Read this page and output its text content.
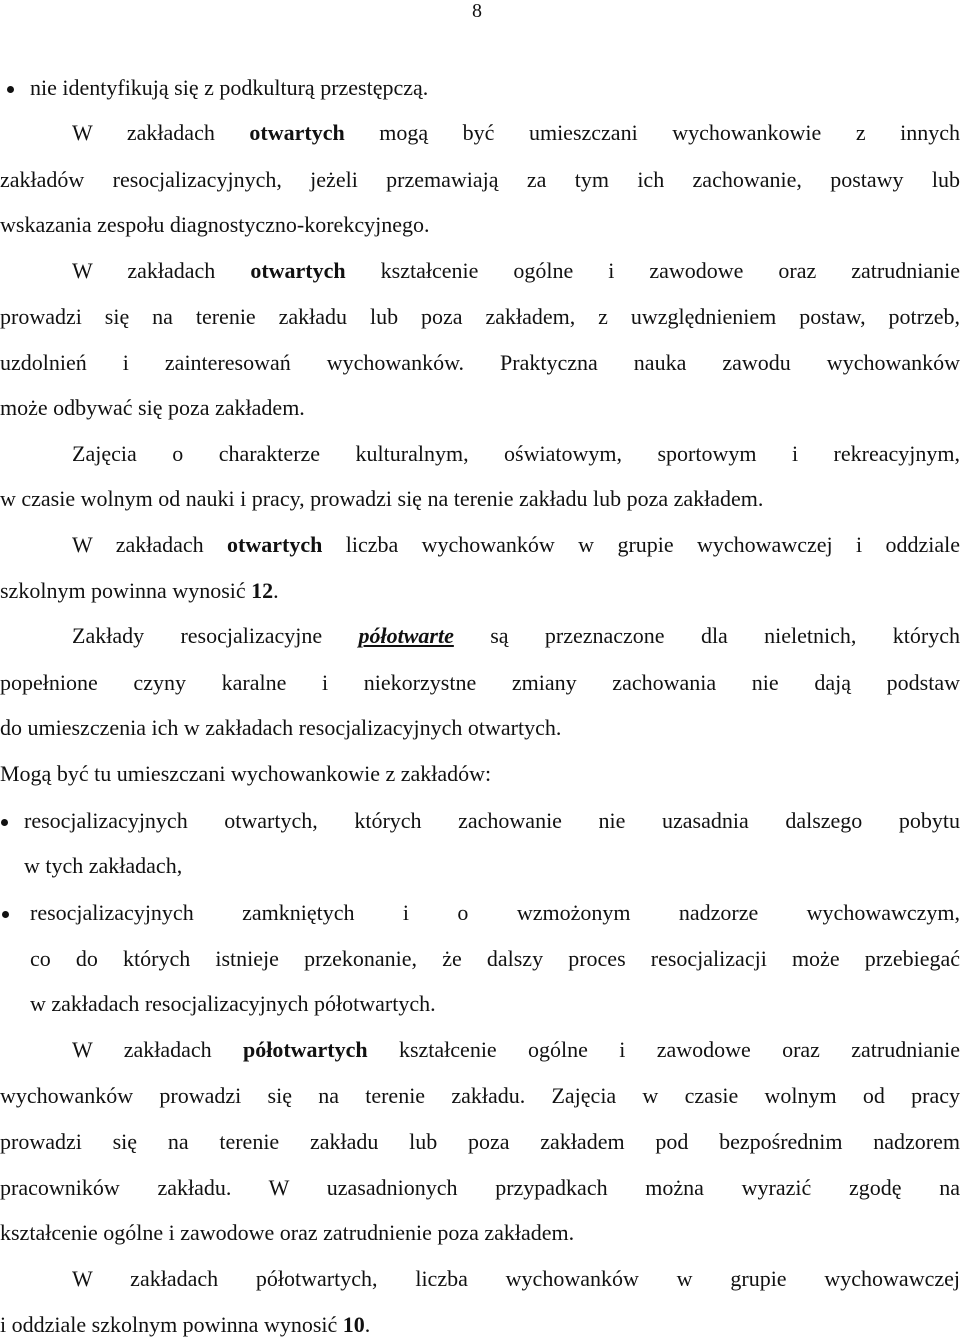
8
nie identyfikują się z podkulturą przestępczą.
W zakładach otwartych mogą być umieszczani wychowankowie z innych
zakładów resocjalizacyjnych, jeżeli przemawiają za tym ich zachowanie, postawy lub
wskazania zespołu diagnostyczno-korekcyjnego.
W zakładach otwartych kształcenie ogólne i zawodowe oraz zatrudnianie
prowadzi się na terenie zakładu lub poza zakładem, z uwzględnieniem postaw, potrzeb,
uzdolnień i zainteresowań wychowanków. Praktyczna nauka zawodu wychowanków
może odbywać się poza zakładem.
Zajęcia o charakterze kulturalnym, oświatowym, sportowym i rekreacyjnym,
w czasie wolnym od nauki i pracy, prowadzi się na terenie zakładu lub poza zakładem.
W zakładach otwartych liczba wychowanków w grupie wychowawczej i oddziale
szkolnym powinna wynosić 12.
Zakłady resocjalizacyjne półotwarte są przeznaczone dla nieletnich, których
popełnione czyny karalne i niekorzystne zmiany zachowania nie dają podstaw
do umieszczenia ich w zakładach resocjalizacyjnych otwartych.
Mogą być tu umieszczani wychowankowie z zakładów:
resocjalizacyjnych otwartych, których zachowanie nie uzasadnia dalszego pobytu
w tych zakładach,
resocjalizacyjnych zamkniętych i o wzmożonym nadzorze wychowawczym,
co do których istnieje przekonanie, że dalszy proces resocjalizacji może przebiegać
w zakładach resocjalizacyjnych półotwartych.
W zakładach półotwartych kształcenie ogólne i zawodowe oraz zatrudnianie
wychowanków prowadzi się na terenie zakładu. Zajęcia w czasie wolnym od pracy
prowadzi się na terenie zakładu lub poza zakładem pod bezpośrednim nadzorem
pracowników zakładu. W uzasadnionych przypadkach można wyrazić zgodę na
kształcenie ogólne i zawodowe oraz zatrudnienie poza zakładem.
W zakładach półotwartych, liczba wychowanków w grupie wychowawczej
i oddziale szkolnym powinna wynosić 10.
